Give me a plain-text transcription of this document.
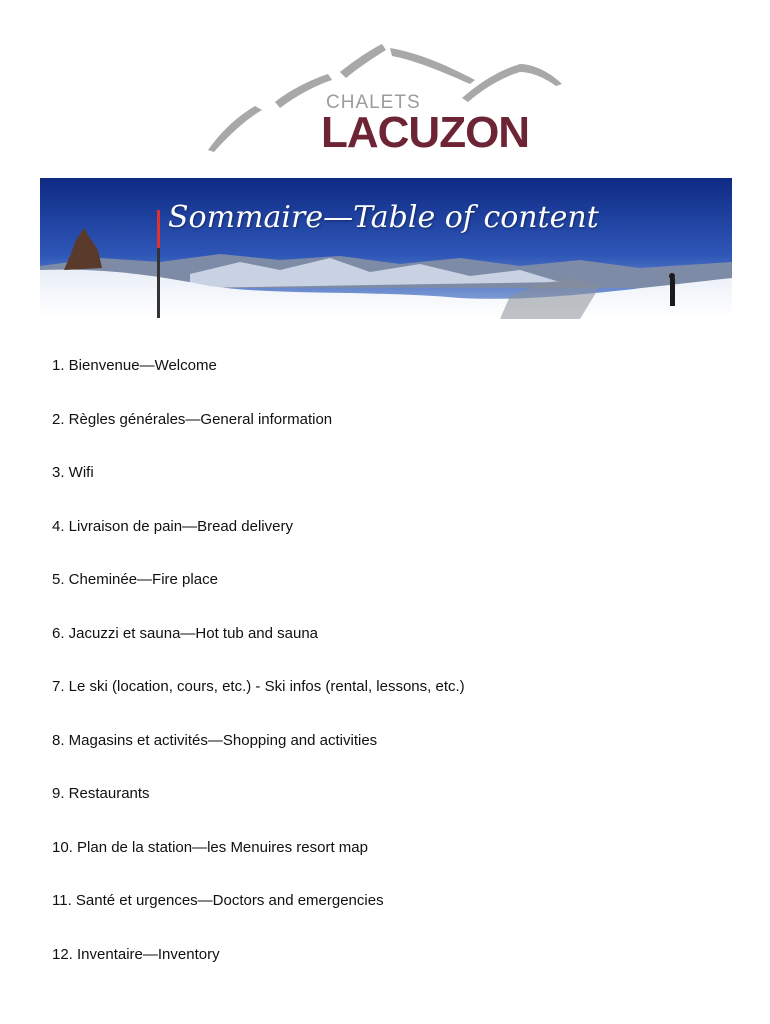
CHALETS
LACUZON
Sommaire—Table of content
1. Bienvenue—Welcome
2. Règles générales—General information
3. Wifi
4. Livraison de pain—Bread delivery
5. Cheminée—Fire place
6. Jacuzzi et sauna—Hot tub and sauna
7. Le ski (location, cours, etc.) - Ski infos (rental, lessons, etc.)
8. Magasins et activités—Shopping and activities
9. Restaurants
10. Plan de la station—les Menuires resort map
11. Santé et urgences—Doctors and emergencies
12. Inventaire—Inventory
